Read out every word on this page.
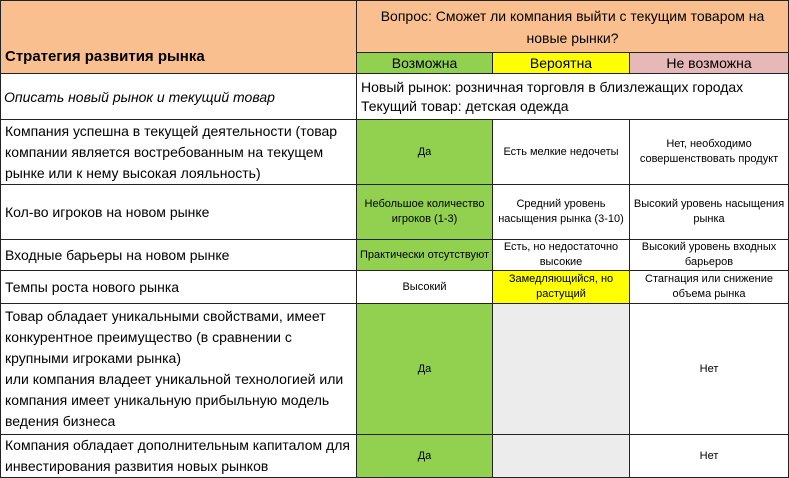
Стратегия развития рынка	Вопрос: Сможет ли компания выйти с текущим товаром на новые рынки?		
	Возможна	Вероятна	Не возможна
Описать новый рынок и текущий товар	Новый рынок: розничная торговля в близлежащих городах
Текущий товар: детская одежда		

Компания успешна в текущей деятельности (товар компании является востребованным на текущем рынке или к нему высокая лояльность)	Да	Есть мелкие недочеты	Нет, необходимо совершенствовать продукт
Кол-во игроков на новом рынке	Небольшое количество игроков (1-3)	Средний уровень насыщения рынка (3-10)	Высокий уровень насыщения рынка
Входные барьеры на новом рынке	Практически отсутствуют	Есть, но недостаточно высокие	Высокий уровень входных барьеров
Темпы роста нового рынка	Высокий	Замедляющийся, но растущий	Стагнация или снижение объема рынка

Товар обладает уникальными свойствами, имеет конкурентное преимущество (в сравнении с крупными игроками рынка)
или компания владеет уникальной технологией или компания имеет уникальную прибыльную модель ведения бизнеса	Да		Нет
Компания обладает дополнительным капиталом для инвестирования развития новых рынков	Да		Нет
